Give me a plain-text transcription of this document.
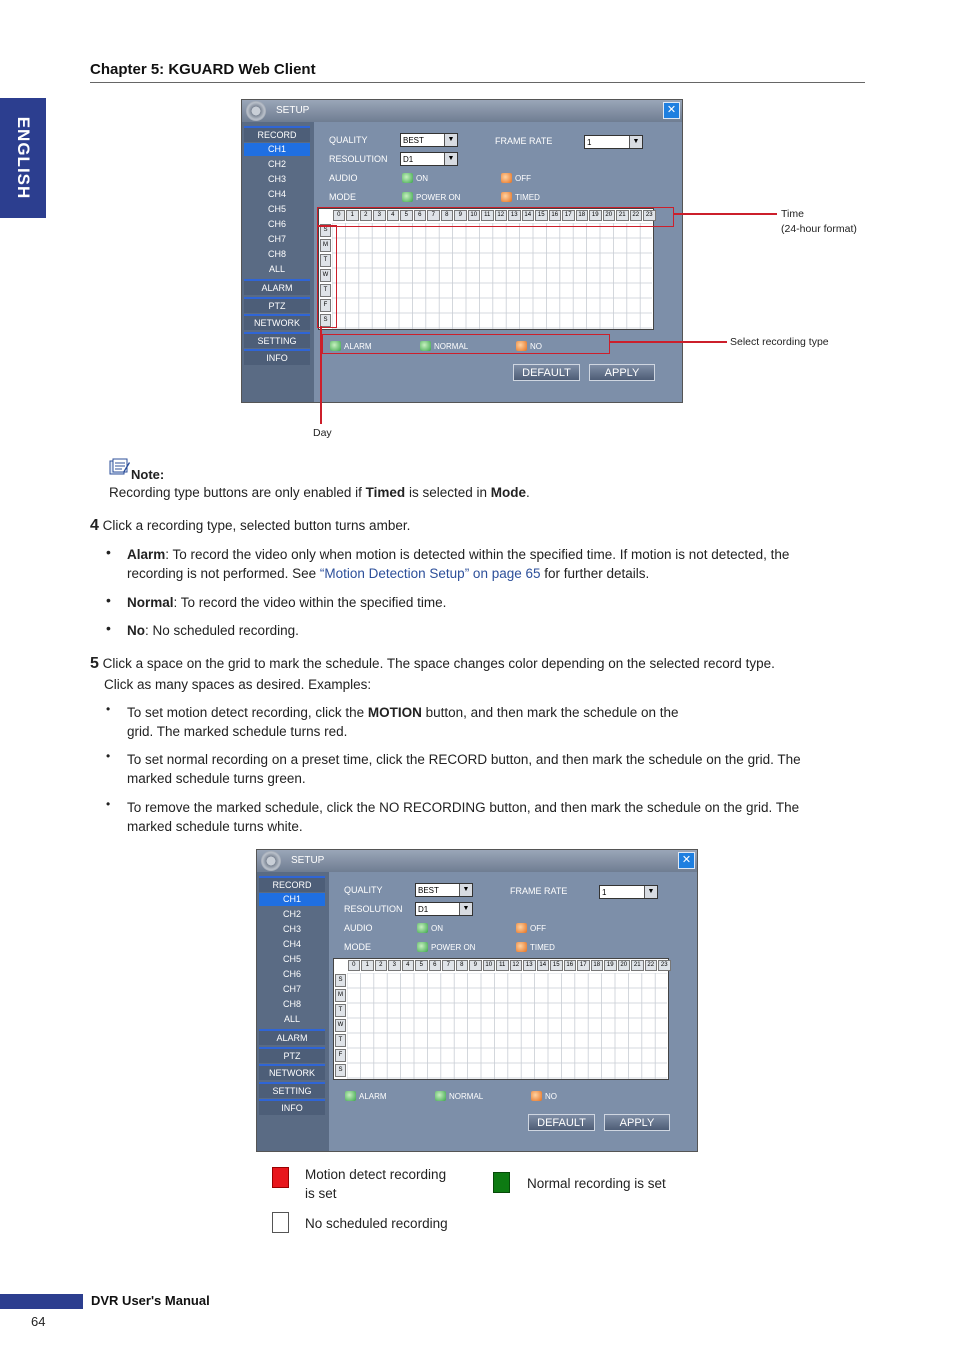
Chapter 5: KGUARD Web Client
ENGLISH
SETUP	✕
RECORD
CH1
CH2
CH3
CH4
CH5
CH6
CH7
CH8
ALL
ALARM
PTZ
NETWORK
SETTING
INFO
QUALITY	BEST	▼
RESOLUTION	D1	▼
FRAME RATE	1	▼
AUDIO	ON	OFF
MODE	POWER ON	TIMED
0	1	2	3	4	5	6	7	8	9	10	11	12	13	14	15	16	17	18	19	20	21	22	23
S
M
T
W
T
F
S
ALARM	NORMAL	NO
DEFAULT	APPLY
Time
(24-hour format)
Day
Select recording type
Note:
Recording type buttons are only enabled if Timed is selected in Mode.
4 Click a recording type, selected button turns amber.
• Alarm: To record the video only when motion is detected within the specified time. If motion is not detected, the
recording is not performed. See “Motion Detection Setup” on page 65 for further details.
• Normal: To record the video within the specified time.
• No: No scheduled recording.
5 Click a space on the grid to mark the schedule. The space changes color depending on the selected record type.
Click as many spaces as desired. Examples:
• To set motion detect recording, click the MOTION button, and then mark the schedule on the
grid. The marked schedule turns red.
• To set normal recording on a preset time, click the RECORD button, and then mark the schedule on the grid. The
marked schedule turns green.
• To remove the marked schedule, click the NO RECORDING button, and then mark the schedule on the grid. The
marked schedule turns white.
SETUP	✕
RECORD
CH1
CH2
CH3
CH4
CH5
CH6
CH7
CH8
ALL
ALARM
PTZ
NETWORK
SETTING
INFO
QUALITY	BEST	▼
RESOLUTION	D1	▼
FRAME RATE	1	▼
AUDIO	ON	OFF
MODE	POWER ON	TIMED
0	1	2	3	4	5	6	7	8	9	10	11	12	13	14	15	16	17	18	19	20	21	22	23
S
M
T
W
T
F
S
ALARM	NORMAL	NO
DEFAULT	APPLY
Motion detect recording
is set
Normal recording is set
No scheduled recording
DVR User's Manual
64
